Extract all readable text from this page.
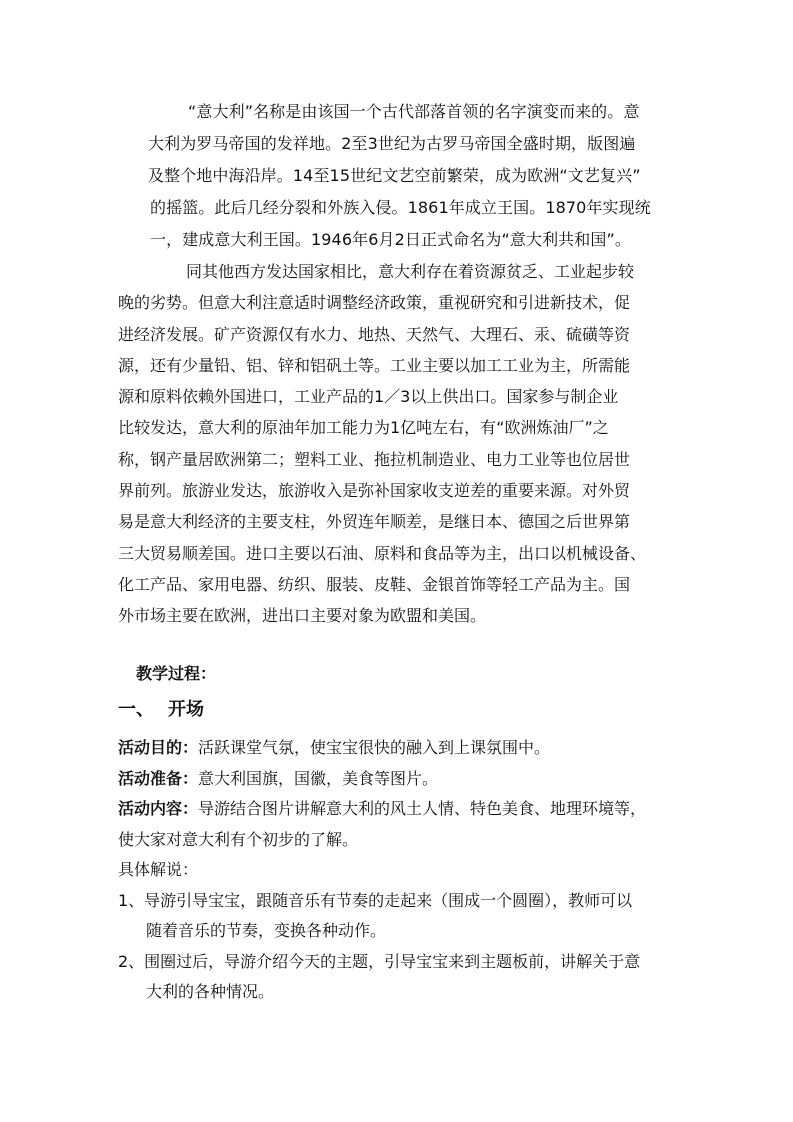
“意大利”名称是由该国一个古代部落首领的名字演变而来的。意
大利为罗马帝国的发祥地。2至3世纪为古罗马帝国全盛时期，版图遍
及整个地中海沿岸。14至15世纪文艺空前繁荣，成为欧洲“文艺复兴”
的摇篮。此后几经分裂和外族入侵。1861年成立王国。1870年实现统
一，建成意大利王国。1946年6月2日正式命名为“意大利共和国”。
同其他西方发达国家相比，意大利存在着资源贫乏、工业起步较
晚的劣势。但意大利注意适时调整经济政策，重视研究和引进新技术，促
进经济发展。矿产资源仅有水力、地热、天然气、大理石、汞、硫磺等资
源，还有少量铅、铝、锌和铝矾土等。工业主要以加工工业为主，所需能
源和原料依赖外国进口，工业产品的1／3以上供出口。国家参与制企业
比较发达，意大利的原油年加工能力为1亿吨左右，有“欧洲炼油厂”之
称，钢产量居欧洲第二；塑料工业、拖拉机制造业、电力工业等也位居世
界前列。旅游业发达，旅游收入是弥补国家收支逆差的重要来源。对外贸
易是意大利经济的主要支柱，外贸连年顺差，是继日本、德国之后世界第
三大贸易顺差国。进口主要以石油、原料和食品等为主，出口以机械设备、
化工产品、家用电器、纺织、服装、皮鞋、金银首饰等轻工产品为主。国
外市场主要在欧洲，进出口主要对象为欧盟和美国。
教学过程：
一、 开场
活动目的：活跃课堂气氛，使宝宝很快的融入到上课氛围中。
活动准备：意大利国旗，国徽，美食等图片。
活动内容：导游结合图片讲解意大利的风土人情、特色美食、地理环境等，
使大家对意大利有个初步的了解。
具体解说：
1、导游引导宝宝，跟随音乐有节奏的走起来（围成一个圆圈），教师可以
随着音乐的节奏，变换各种动作。
2、围圈过后，导游介绍今天的主题，引导宝宝来到主题板前，讲解关于意
大利的各种情况。
